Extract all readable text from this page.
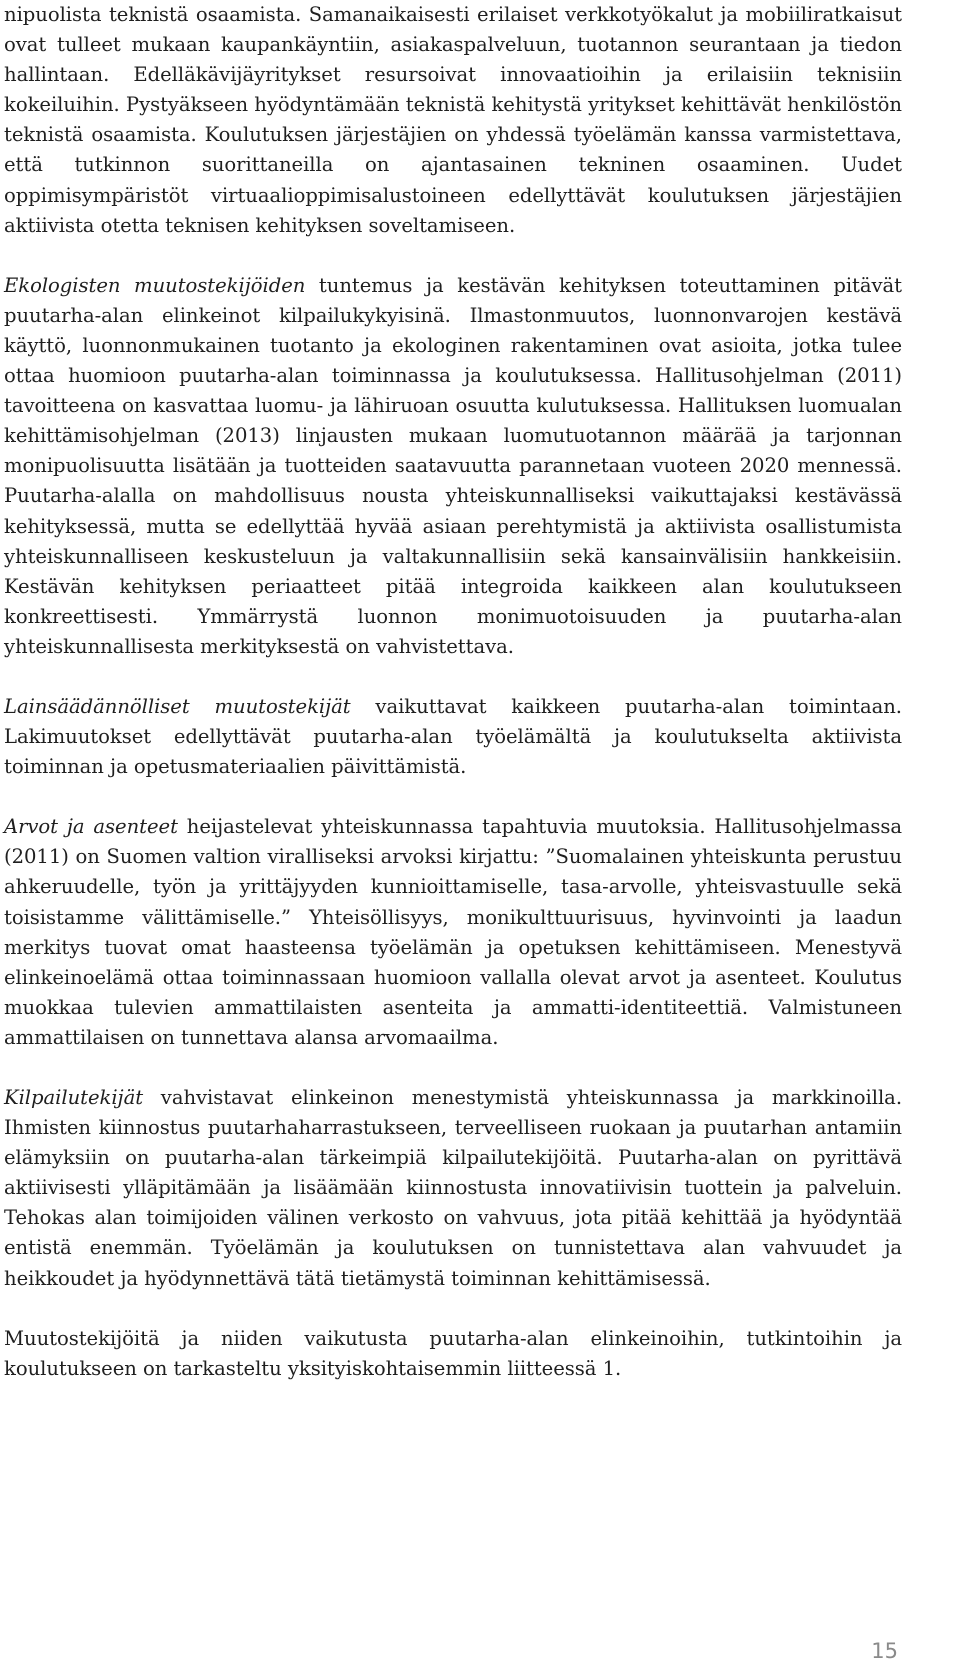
nipuolista teknistä osaamista. Samanaikaisesti erilaiset verkkotyökalut ja mobiiliratkaisut ovat tulleet mukaan kaupankäyntiin, asiakaspalveluun, tuotannon seurantaan ja tiedon hallintaan. Edelläkävijäyritykset resursoivat innovaatioihin ja erilaisiin teknisiin kokeiluihin. Pystyäkseen hyödyntämään teknistä kehitystä yritykset kehittävät henkilöstön teknistä osaamista. Koulutuksen järjestäjien on yhdessä työelämän kanssa varmistettava, että tutkinnon suorittaneilla on ajantasainen tekninen osaaminen. Uudet oppimisympäristöt virtuaalioppimisalustoineen edellyttävät koulutuksen järjestäjien aktiivista otetta teknisen kehityksen soveltamiseen.

Ekologisten muutostekijöiden tuntemus ja kestävän kehityksen toteuttaminen pitävät puutarha-alan elinkeinot kilpailukykyisinä. Ilmastonmuutos, luonnonvarojen kestävä käyttö, luonnonmukainen tuotanto ja ekologinen rakentaminen ovat asioita, jotka tulee ottaa huomioon puutarha-alan toiminnassa ja koulutuksessa. Hallitusohjelman (2011) tavoitteena on kasvattaa luomu- ja lähiruoan osuutta kulutuksessa. Hallituksen luomualan kehittämisohjelman (2013) linjausten mukaan luomutuotannon määrää ja tarjonnan monipuolisuutta lisätään ja tuotteiden saatavuutta parannetaan vuoteen 2020 mennessä. Puutarha-alalla on mahdollisuus nousta yhteiskunnalliseksi vaikuttajaksi kestävässä kehityksessä, mutta se edellyttää hyvää asiaan perehtymistä ja aktiivista osallistumista yhteiskunnalliseen keskusteluun ja valtakunnallisiin sekä kansainvälisiin hankkeisiin. Kestävän kehityksen periaatteet pitää integroida kaikkeen alan koulutukseen konkreettisesti. Ymmärrystä luonnon monimuotoisuuden ja puutarha-alan yhteiskunnallisesta merkityksestä on vahvistettava.

Lainsäädännölliset muutostekijät vaikuttavat kaikkeen puutarha-alan toimintaan. Lakimuutokset edellyttävät puutarha-alan työelämältä ja koulutukselta aktiivista toiminnan ja opetusmateriaalien päivittämistä.

Arvot ja asenteet heijastelevat yhteiskunnassa tapahtuvia muutoksia. Hallitusohjelmassa (2011) on Suomen valtion viralliseksi arvoksi kirjattu: ”Suomalainen yhteiskunta perustuu ahkeruudelle, työn ja yrittäjyyden kunnioittamiselle, tasa-arvolle, yhteisvastuulle sekä toisistamme välittämiselle.” Yhteisöllisyys, monikulttuurisuus, hyvinvointi ja laadun merkitys tuovat omat haasteensa työelämän ja opetuksen kehittämiseen. Menestyvä elinkeinoelämä ottaa toiminnassaan huomioon vallalla olevat arvot ja asenteet. Koulutus muokkaa tulevien ammattilaisten asenteita ja ammatti-identiteettiä. Valmistuneen ammattilaisen on tunnettava alansa arvomaailma.

Kilpailutekijät vahvistavat elinkeinon menestymistä yhteiskunnassa ja markkinoilla. Ihmisten kiinnostus puutarhaharrastukseen, terveelliseen ruokaan ja puutarhan antamiin elämyksiin on puutarha-alan tärkeimpiä kilpailutekijöitä. Puutarha-alan on pyrittävä aktiivisesti ylläpitämään ja lisäämään kiinnostusta innovatiivisin tuottein ja palveluin. Tehokas alan toimijoiden välinen verkosto on vahvuus, jota pitää kehittää ja hyödyntää entistä enemmän. Työelämän ja koulutuksen on tunnistettava alan vahvuudet ja heikkoudet ja hyödynnettävä tätä tietämystä toiminnan kehittämisessä.

Muutostekijöitä ja niiden vaikutusta puutarha-alan elinkeinoihin, tutkintoihin ja koulutukseen on tarkasteltu yksityiskohtaisemmin liitteessä 1.

15
